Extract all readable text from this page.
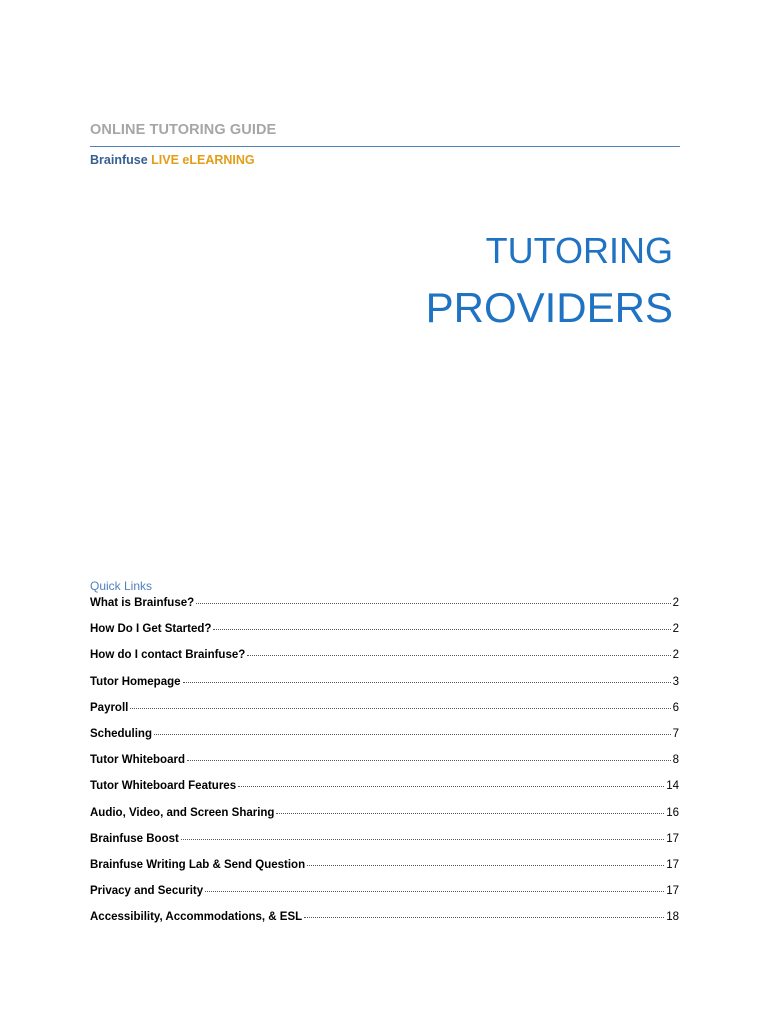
ONLINE TUTORING GUIDE
Brainfuse LIVE eLEARNING
TUTORING
PROVIDERS
Quick Links
What is Brainfuse?	2
How Do I Get Started?	2
How do I contact Brainfuse?	2
Tutor Homepage	3
Payroll	6
Scheduling	7
Tutor Whiteboard	8
Tutor Whiteboard Features	14
Audio, Video, and Screen Sharing	16
Brainfuse Boost	17
Brainfuse Writing Lab & Send Question	17
Privacy and Security	17
Accessibility, Accommodations, & ESL	18
